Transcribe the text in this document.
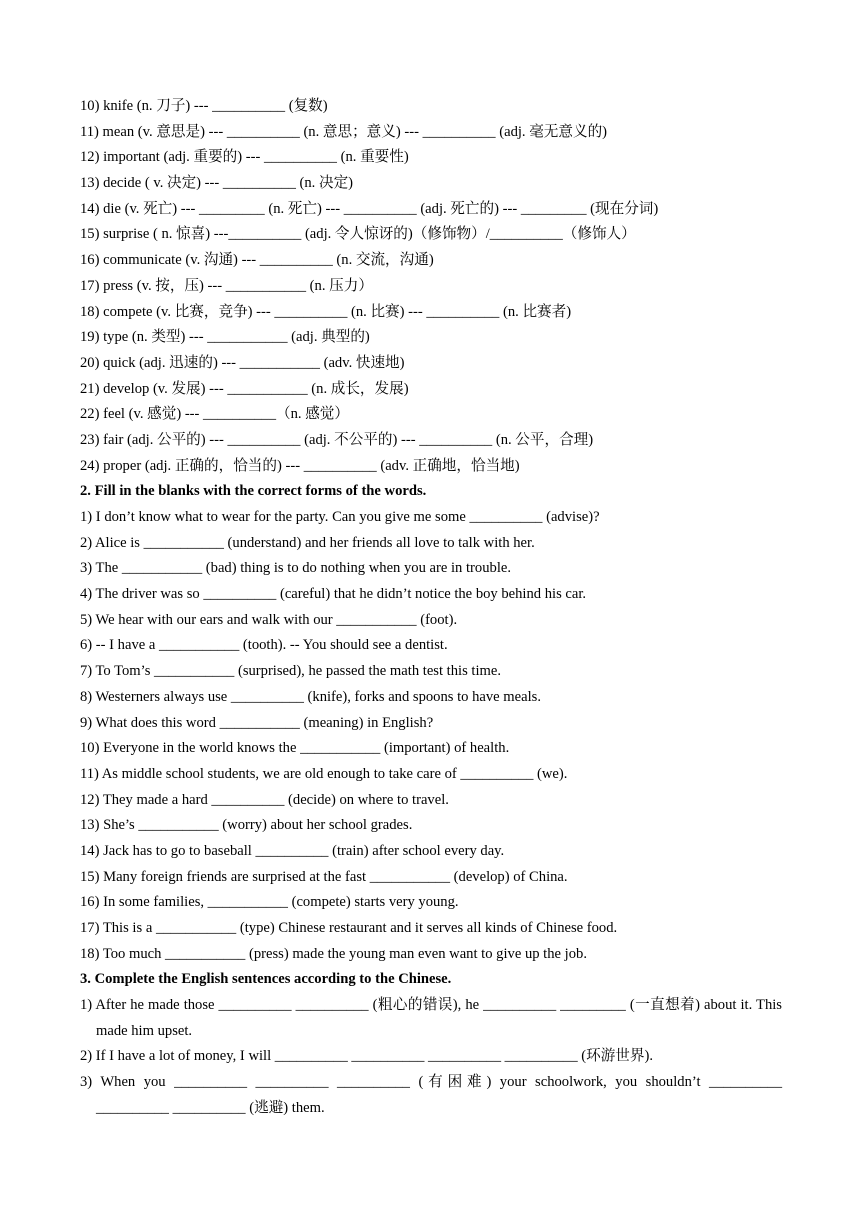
10) knife (n. 刀子) --- __________ (复数)
11) mean (v. 意思是) --- __________ (n. 意思；意义) --- __________ (adj. 毫无意义的)
12) important (adj. 重要的) --- __________ (n. 重要性)
13) decide ( v. 决定) --- __________ (n. 决定)
14) die (v. 死亡) --- _________ (n. 死亡) --- __________ (adj. 死亡的) --- _________ (现在分词)
15) surprise ( n. 惊喜) ---__________ (adj. 令人惊讶的)（修饰物）/__________（修饰人）
16) communicate (v. 沟通) --- __________ (n. 交流，沟通)
17) press (v. 按，压) --- ___________ (n. 压力）
18) compete (v. 比赛，竞争) --- __________ (n. 比赛) --- __________ (n. 比赛者)
19) type (n. 类型) --- ___________ (adj. 典型的)
20) quick (adj. 迅速的) --- ___________ (adv. 快速地)
21) develop (v. 发展) --- ___________ (n. 成长，发展)
22) feel (v. 感觉) --- __________（n. 感觉）
23) fair (adj. 公平的) --- __________ (adj. 不公平的) --- __________ (n. 公平，合理)
24) proper (adj. 正确的，恰当的) --- __________ (adv. 正确地，恰当地)
2. Fill in the blanks with the correct forms of the words.
1) I don’t know what to wear for the party. Can you give me some __________ (advise)?
2) Alice is ___________ (understand) and her friends all love to talk with her.
3) The ___________ (bad) thing is to do nothing when you are in trouble.
4) The driver was so __________ (careful) that he didn’t notice the boy behind his car.
5) We hear with our ears and walk with our ___________ (foot).
6) -- I have a ___________ (tooth). -- You should see a dentist.
7) To Tom’s ___________ (surprised), he passed the math test this time.
8) Westerners always use __________ (knife), forks and spoons to have meals.
9) What does this word ___________ (meaning) in English?
10) Everyone in the world knows the ___________ (important) of health.
11) As middle school students, we are old enough to take care of __________ (we).
12) They made a hard __________ (decide) on where to travel.
13) She’s ___________ (worry) about her school grades.
14) Jack has to go to baseball __________ (train) after school every day.
15) Many foreign friends are surprised at the fast ___________ (develop) of China.
16) In some families, ___________ (compete) starts very young.
17) This is a ___________ (type) Chinese restaurant and it serves all kinds of Chinese food.
18) Too much ___________ (press) made the young man even want to give up the job.
3. Complete the English sentences according to the Chinese.
1) After he made those __________ __________ (粗心的错误), he __________ _________ (一直想着) about it. This made him upset.
2) If I have a lot of money, I will __________ __________ __________ __________ (环游世界).
3) When you __________ __________ __________ (有困难) your schoolwork, you shouldn’t __________ __________ __________ (逃避) them.
